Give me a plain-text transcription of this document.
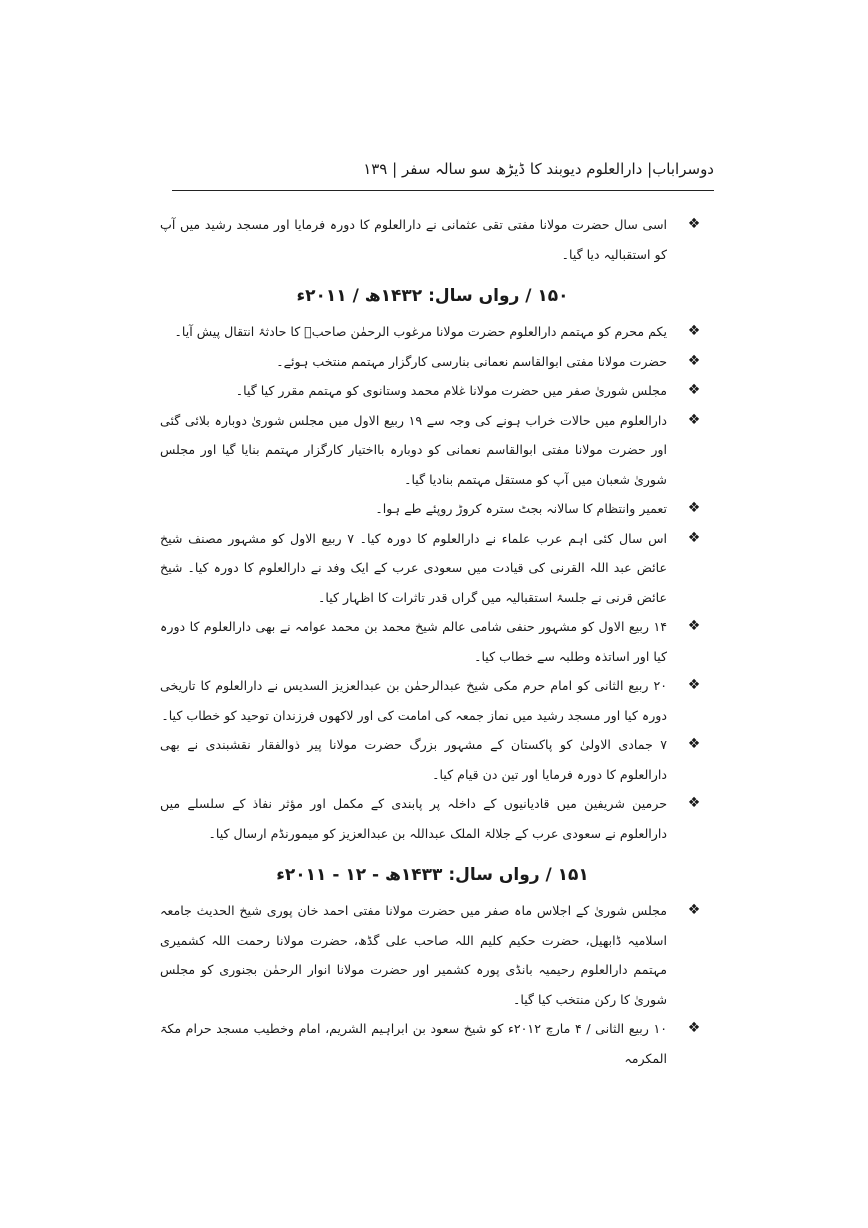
دوسراباب| دارالعلوم دیوبند کا ڈیڑھ سو سالہ سفر | ۱۳۹

❖
اسی سال حضرت مولانا مفتی تقی عثمانی نے دارالعلوم کا دورہ فرمایا اور مسجد رشید میں آپ کو استقبالیہ دیا گیا۔

۱۵۰ / رواں سال: ۱۴۳۲ھ / ۲۰۱۱ء

❖
یکم محرم کو مہتمم دارالعلوم حضرت مولانا مرغوب الرحمٰن صاحبؒ کا حادثۂ انتقال پیش آیا۔

❖
حضرت مولانا مفتی ابوالقاسم نعمانی بنارسی کارگزار مہتمم منتخب ہوئے۔

❖
مجلس شوریٰ صفر میں حضرت مولانا غلام محمد وستانوی کو مہتمم مقرر کیا گیا۔

❖
دارالعلوم میں حالات خراب ہونے کی وجہ سے ۱۹ ربیع الاول میں مجلس شوریٰ دوبارہ بلائی گئی اور حضرت مولانا مفتی ابوالقاسم نعمانی کو دوبارہ بااختیار کارگزار مہتمم بنایا گیا اور مجلس شوریٰ شعبان میں آپ کو مستقل مہتمم بنادیا گیا۔

❖
تعمیر وانتظام کا سالانہ بجٹ سترہ کروڑ روپئے طے ہوا۔

❖
اس سال کئی اہم عرب علماء نے دارالعلوم کا دورہ کیا۔ ۷ ربیع الاول کو مشہور مصنف شیخ عائض عبد اللہ القرنی کی قیادت میں سعودی عرب کے ایک وفد نے دارالعلوم کا دورہ کیا۔ شیخ عائض قرنی نے جلسۂ استقبالیہ میں گراں قدر تاثرات کا اظہار کیا۔

❖
۱۴ ربیع الاول کو مشہور حنفی شامی عالم شیخ محمد بن محمد عوامہ نے بھی دارالعلوم کا دورہ کیا اور اساتذہ وطلبہ سے خطاب کیا۔

❖
۲۰ ربیع الثانی کو امام حرم مکی شیخ عبدالرحمٰن بن عبدالعزیز السدیس نے دارالعلوم کا تاریخی دورہ کیا اور مسجد رشید میں نماز جمعہ کی امامت کی اور لاکھوں فرزندان توحید کو خطاب کیا۔

❖
۷ جمادی الاولیٰ کو پاکستان کے مشہور بزرگ حضرت مولانا پیر ذوالفقار نقشبندی نے بھی دارالعلوم کا دورہ فرمایا اور تین دن قیام کیا۔

❖
حرمین شریفین میں قادیانیوں کے داخلہ پر پابندی کے مکمل اور مؤثر نفاذ کے سلسلے میں دارالعلوم نے سعودی عرب کے جلالۃ الملک عبداللہ بن عبدالعزیز کو میمورنڈم ارسال کیا۔

۱۵۱ / رواں سال: ۱۴۳۳ھ - ۱۲ - ۲۰۱۱ء

❖
مجلس شوریٰ کے اجلاس ماہ صفر میں حضرت مولانا مفتی احمد خان پوری شیخ الحدیث جامعہ اسلامیہ ڈابھیل، حضرت حکیم کلیم اللہ صاحب علی گڈھ، حضرت مولانا رحمت اللہ کشمیری مہتمم دارالعلوم رحیمیہ بانڈی پورہ کشمیر اور حضرت مولانا انوار الرحمٰن بجنوری کو مجلس شوریٰ کا رکن منتخب کیا گیا۔

❖
۱۰ ربیع الثانی / ۴ مارچ ۲۰۱۲ء کو شیخ سعود بن ابراہیم الشریم، امام وخطیب مسجد حرام مکۃ المکرمہ
